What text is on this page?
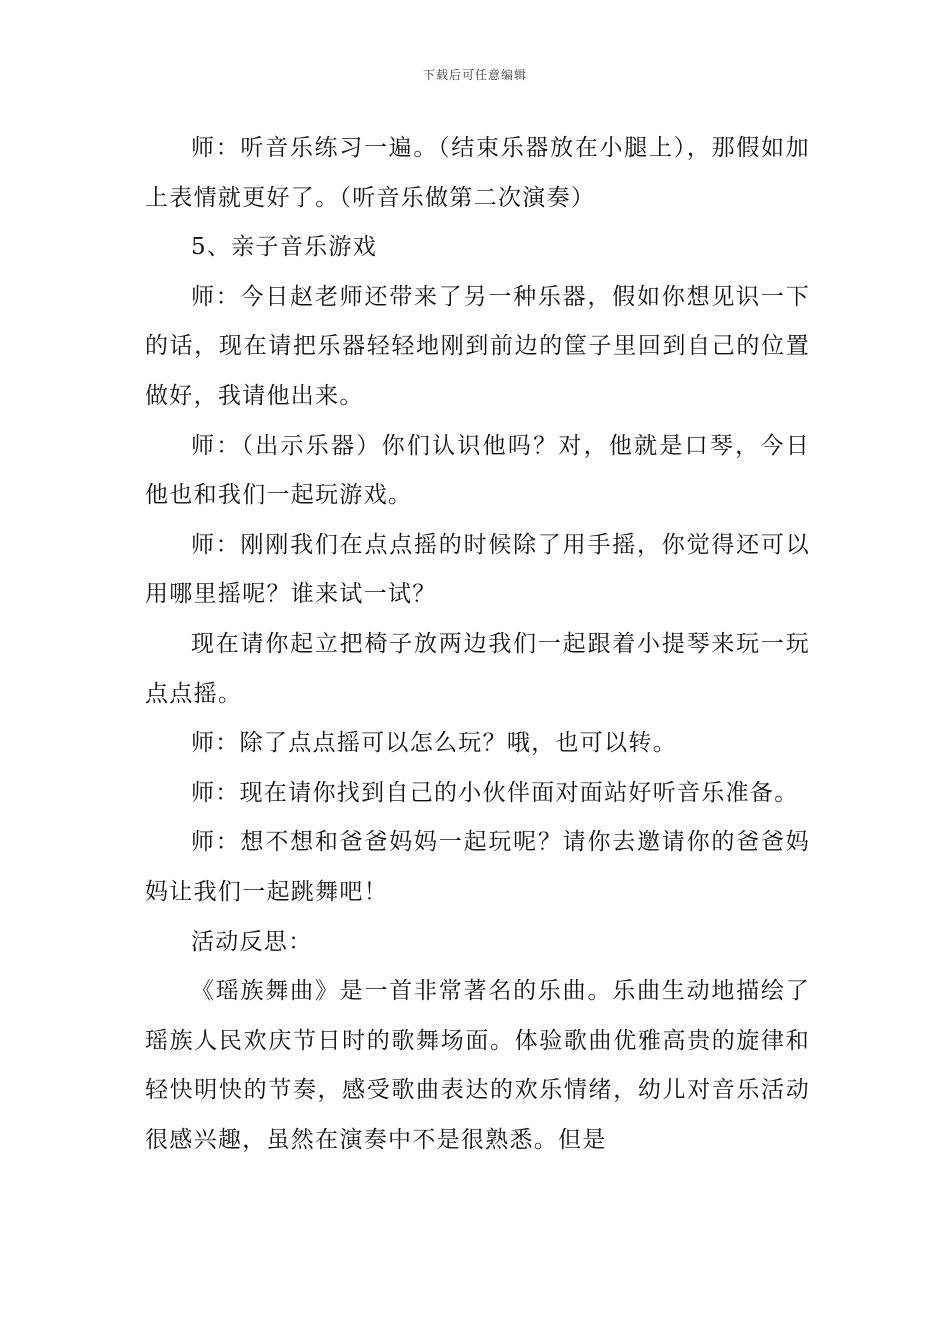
下载后可任意编辑

师：听音乐练习一遍。（结束乐器放在小腿上），那假如加上表情就更好了。（听音乐做第二次演奏）

5、亲子音乐游戏

师：今日赵老师还带来了另一种乐器，假如你想见识一下的话，现在请把乐器轻轻地刚到前边的筐子里回到自己的位置做好，我请他出来。

师：（出示乐器）你们认识他吗？对，他就是口琴，今日他也和我们一起玩游戏。

师：刚刚我们在点点摇的时候除了用手摇，你觉得还可以用哪里摇呢？谁来试一试？

现在请你起立把椅子放两边我们一起跟着小提琴来玩一玩点点摇。

师：除了点点摇可以怎么玩？哦，也可以转。

师：现在请你找到自己的小伙伴面对面站好听音乐准备。

师：想不想和爸爸妈妈一起玩呢？请你去邀请你的爸爸妈妈让我们一起跳舞吧！

活动反思：

《瑶族舞曲》是一首非常著名的乐曲。乐曲生动地描绘了瑶族人民欢庆节日时的歌舞场面。体验歌曲优雅高贵的旋律和轻快明快的节奏，感受歌曲表达的欢乐情绪，幼儿对音乐活动很感兴趣，虽然在演奏中不是很熟悉。但是
